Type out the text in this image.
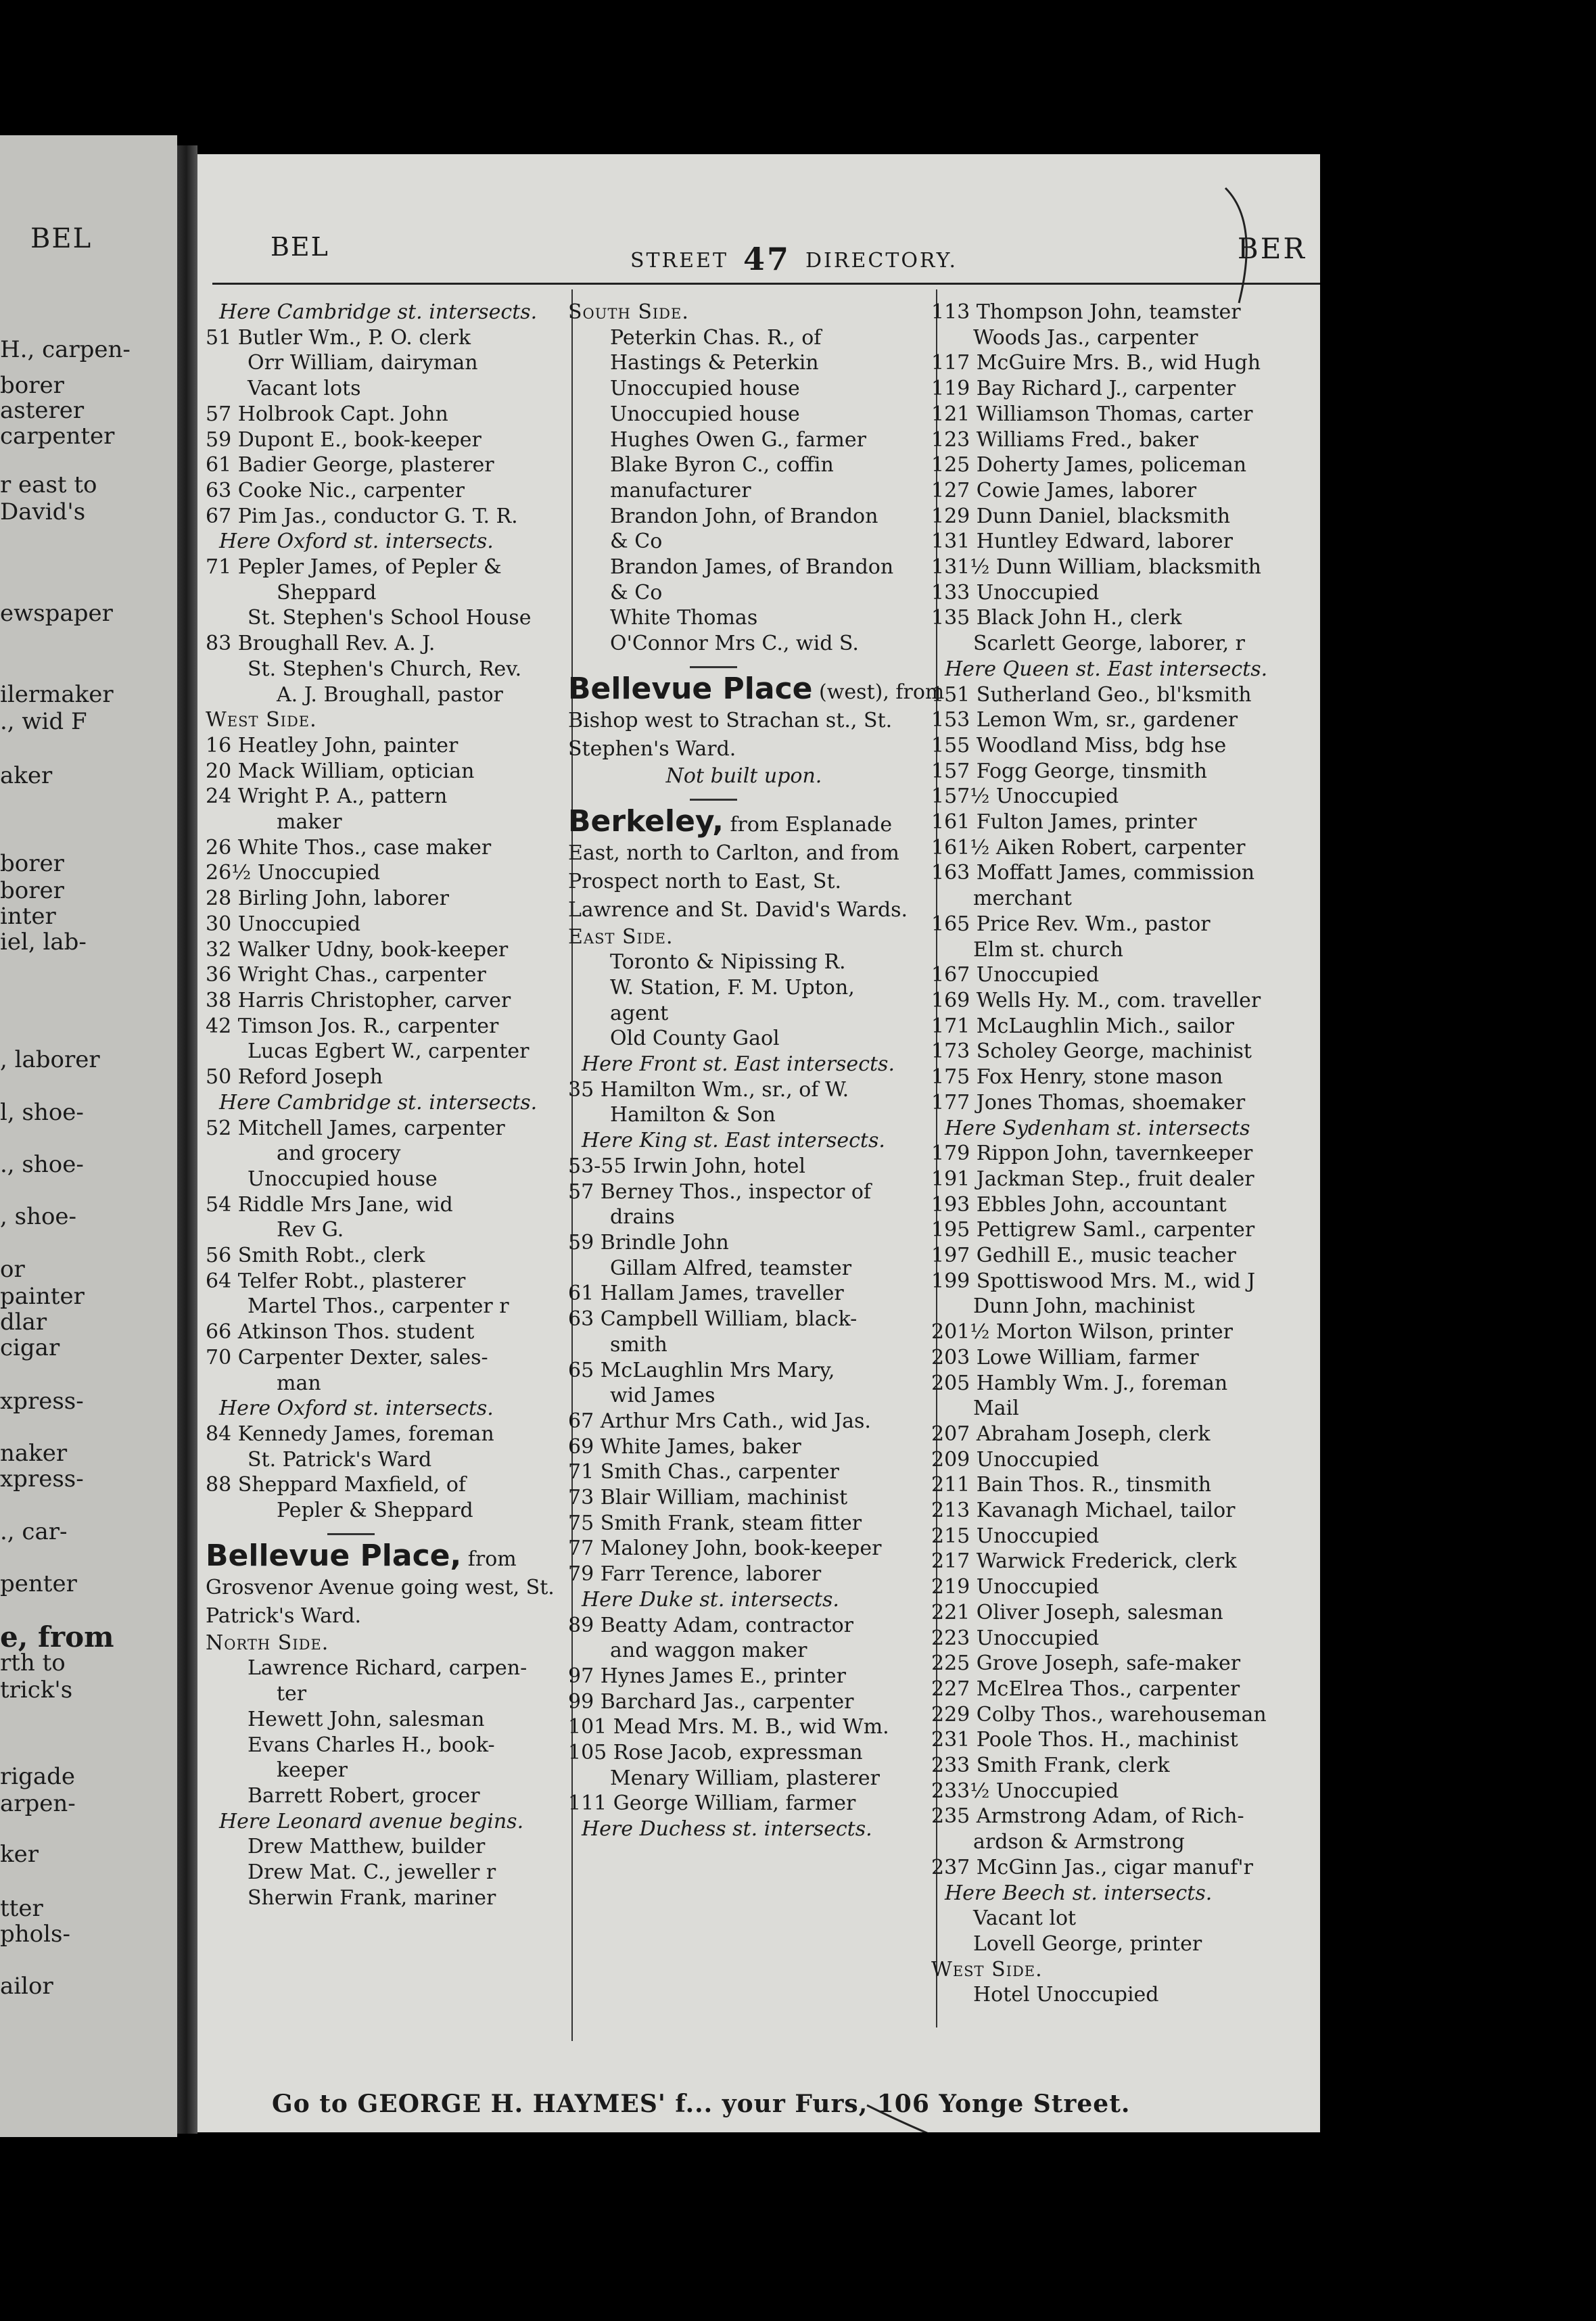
BEL
H., carpen-
borer
asterer
carpenter
r east to
David's
ewspaper
ilermaker
., wid F
aker
borer
borer
inter
iel, lab-
, laborer
l, shoe-
., shoe-
, shoe-
or
painter
dlar
cigar
xpress-
naker
xpress-
., car-
penter
e, from
rth to
trick's
rigade
arpen-
ker
tter
phols-
ailor
BEL	STREET 47 DIRECTORY.	BER
Here Cambridge st. intersects.
51 Butler Wm., P. O. clerk
Orr William, dairyman
Vacant lots
57 Holbrook Capt. John
59 Dupont E., book-keeper
61 Badier George, plasterer
63 Cooke Nic., carpenter
67 Pim Jas., conductor G. T. R.
Here Oxford st. intersects.
71 Pepler James, of Pepler &
Sheppard
St. Stephen's School House
83 Broughall Rev. A. J.
St. Stephen's Church, Rev.
A. J. Broughall, pastor
West Side.
16 Heatley John, painter
20 Mack William, optician
24 Wright P. A., pattern
maker
26 White Thos., case maker
26½ Unoccupied
28 Birling John, laborer
30 Unoccupied
32 Walker Udny, book-keeper
36 Wright Chas., carpenter
38 Harris Christopher, carver
42 Timson Jos. R., carpenter
Lucas Egbert W., carpenter
50 Reford Joseph
Here Cambridge st. intersects.
52 Mitchell James, carpenter
and grocery
Unoccupied house
54 Riddle Mrs Jane, wid
Rev G.
56 Smith Robt., clerk
64 Telfer Robt., plasterer
Martel Thos., carpenter r
66 Atkinson Thos. student
70 Carpenter Dexter, sales-
man
Here Oxford st. intersects.
84 Kennedy James, foreman
St. Patrick's Ward
88 Sheppard Maxfield, of
Pepler & Sheppard
Bellevue Place, from Grosvenor Avenue going west, St. Patrick's Ward.
North Side.
Lawrence Richard, carpen-
ter
Hewett John, salesman
Evans Charles H., book-
keeper
Barrett Robert, grocer
Here Leonard avenue begins.
Drew Matthew, builder
Drew Mat. C., jeweller r
Sherwin Frank, mariner
South Side.
Peterkin Chas. R., of
Hastings & Peterkin
Unoccupied house
Unoccupied house
Hughes Owen G., farmer
Blake Byron C., coffin
manufacturer
Brandon John, of Brandon
& Co
Brandon James, of Brandon
& Co
White Thomas
O'Connor Mrs C., wid S.
Bellevue Place (west), from Bishop west to Strachan st., St. Stephen's Ward.
Not built upon.
Berkeley, from Esplanade East, north to Carlton, and from Prospect north to East, St. Lawrence and St. David's Wards.
East Side.
Toronto & Nipissing R.
W. Station, F. M. Upton,
agent
Old County Gaol
Here Front st. East intersects.
35 Hamilton Wm., sr., of W.
Hamilton & Son
Here King st. East intersects.
53-55 Irwin John, hotel
57 Berney Thos., inspector of
drains
59 Brindle John
Gillam Alfred, teamster
61 Hallam James, traveller
63 Campbell William, black-
smith
65 McLaughlin Mrs Mary,
wid James
67 Arthur Mrs Cath., wid Jas.
69 White James, baker
71 Smith Chas., carpenter
73 Blair William, machinist
75 Smith Frank, steam fitter
77 Maloney John, book-keeper
79 Farr Terence, laborer
Here Duke st. intersects.
89 Beatty Adam, contractor
and waggon maker
97 Hynes James E., printer
99 Barchard Jas., carpenter
101 Mead Mrs. M. B., wid Wm.
105 Rose Jacob, expressman
Menary William, plasterer
111 George William, farmer
Here Duchess st. intersects.
113 Thompson John, teamster
Woods Jas., carpenter
117 McGuire Mrs. B., wid Hugh
119 Bay Richard J., carpenter
121 Williamson Thomas, carter
123 Williams Fred., baker
125 Doherty James, policeman
127 Cowie James, laborer
129 Dunn Daniel, blacksmith
131 Huntley Edward, laborer
131½ Dunn William, blacksmith
133 Unoccupied
135 Black John H., clerk
Scarlett George, laborer, r
Here Queen st. East intersects.
151 Sutherland Geo., bl'ksmith
153 Lemon Wm, sr., gardener
155 Woodland Miss, bdg hse
157 Fogg George, tinsmith
157½ Unoccupied
161 Fulton James, printer
161½ Aiken Robert, carpenter
163 Moffatt James, commission
merchant
165 Price Rev. Wm., pastor
Elm st. church
167 Unoccupied
169 Wells Hy. M., com. traveller
171 McLaughlin Mich., sailor
173 Scholey George, machinist
175 Fox Henry, stone mason
177 Jones Thomas, shoemaker
Here Sydenham st. intersects
179 Rippon John, tavernkeeper
191 Jackman Step., fruit dealer
193 Ebbles John, accountant
195 Pettigrew Saml., carpenter
197 Gedhill E., music teacher
199 Spottiswood Mrs. M., wid J
Dunn John, machinist
201½ Morton Wilson, printer
203 Lowe William, farmer
205 Hambly Wm. J., foreman
Mail
207 Abraham Joseph, clerk
209 Unoccupied
211 Bain Thos. R., tinsmith
213 Kavanagh Michael, tailor
215 Unoccupied
217 Warwick Frederick, clerk
219 Unoccupied
221 Oliver Joseph, salesman
223 Unoccupied
225 Grove Joseph, safe-maker
227 McElrea Thos., carpenter
229 Colby Thos., warehouseman
231 Poole Thos. H., machinist
233 Smith Frank, clerk
233½ Unoccupied
235 Armstrong Adam, of Rich-
ardson & Armstrong
237 McGinn Jas., cigar manuf'r
Here Beech st. intersects.
Vacant lot
Lovell George, printer
West Side.
Hotel Unoccupied
Go to GEORGE H. HAYMES' f... your Furs, 106 Yonge Street.
